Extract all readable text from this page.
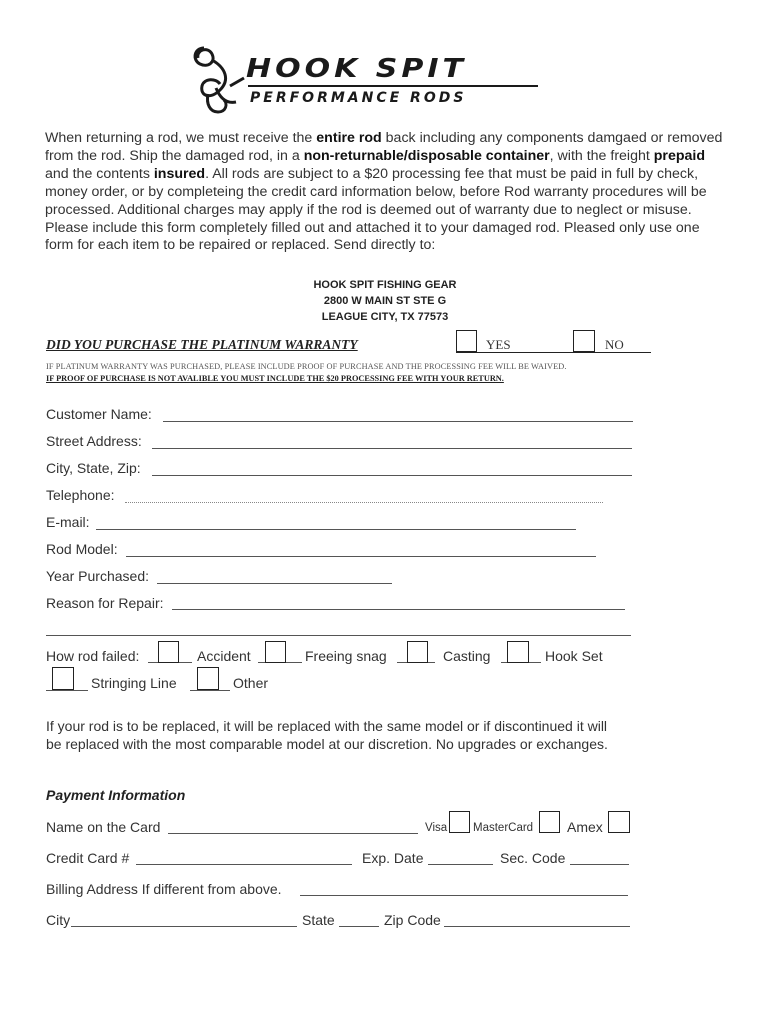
HOOK SPIT
PERFORMANCE RODS
When returning a rod, we must receive the entire rod back including any components damgaed or removed from the rod. Ship the damaged rod, in a non-returnable/disposable container, with the freight prepaid and the contents insured. All rods are subject to a $20 processing fee that must be paid in full by check, money order, or by completeing the credit card information below, before Rod warranty procedures will be processed. Additional charges may apply if the rod is deemed out of warranty due to neglect or misuse. Please include this form completely filled out and attached it to your damaged rod. Pleased only use one form for each item to be repaired or replaced. Send directly to:
HOOK SPIT FISHING GEAR
2800 W MAIN ST STE G
LEAGUE CITY, TX 77573
DID YOU PURCHASE THE PLATINUM WARRANTY	YES	NO
IF PLATINUM WARRANTY WAS PURCHASED, PLEASE INCLUDE PROOF OF PURCHASE AND THE PROCESSING FEE WILL BE WAIVED.
IF PROOF OF PURCHASE IS NOT AVALIBLE YOU MUST INCLUDE THE $20 PROCESSING FEE WITH YOUR RETURN.
Customer Name:
Street Address:
City, State, Zip:
Telephone:
E-mail:
Rod Model:
Year Purchased:
Reason for Repair:
How rod failed:	Accident	Freeing snag	Casting	Hook Set
Stringing Line	Other
If your rod is to be replaced, it will be replaced with the same model or if discontinued it will be replaced with the most comparable model at our discretion. No upgrades or exchanges.
Payment Information
Name on the Card	Visa MasterCard Amex
Credit Card #	Exp. Date	Sec. Code
Billing Address If different from above.
City	State	Zip Code
